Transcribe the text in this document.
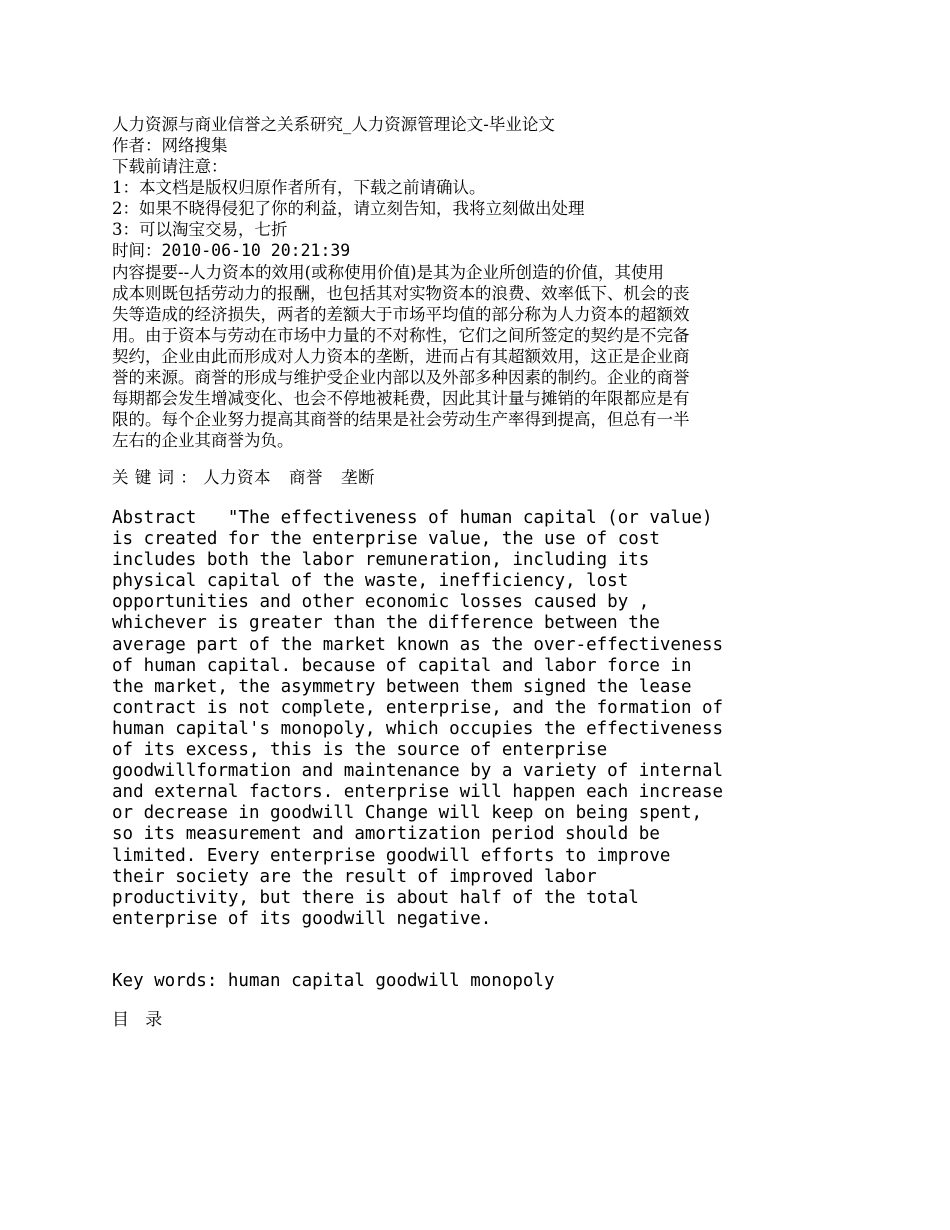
人力资源与商业信誉之关系研究_人力资源管理论文-毕业论文

作者：网络搜集

下载前请注意：

1：本文档是版权归原作者所有，下载之前请确认。

2：如果不晓得侵犯了你的利益，请立刻告知，我将立刻做出处理

3：可以淘宝交易，七折

时间：2010-06-10 20:21:39

内容提要--人力资本的效用(或称使用价值)是其为企业所创造的价值，其使用
成本则既包括劳动力的报酬，也包括其对实物资本的浪费、效率低下、机会的丧
失等造成的经济损失，两者的差额大于市场平均值的部分称为人力资本的超额效
用。由于资本与劳动在市场中力量的不对称性，它们之间所签定的契约是不完备
契约，企业由此而形成对人力资本的垄断，进而占有其超额效用，这正是企业商
誉的来源。商誉的形成与维护受企业内部以及外部多种因素的制约。企业的商誉
每期都会发生增减变化、也会不停地被耗费，因此其计量与摊销的年限都应是有
限的。每个企业努力提高其商誉的结果是社会劳动生产率得到提高，但总有一半
左右的企业其商誉为负。

关 键 词 ： 人力资本 商誉 垄断

Abstract   "The effectiveness of human capital (or value)
is created for the enterprise value, the use of cost
includes both the labor remuneration, including its
physical capital of the waste, inefficiency, lost
opportunities and other economic losses caused by ,
whichever is greater than the difference between the
average part of the market known as the over-effectiveness
of human capital. because of capital and labor force in
the market, the asymmetry between them signed the lease
contract is not complete, enterprise, and the formation of
human capital's monopoly, which occupies the effectiveness
of its excess, this is the source of enterprise
goodwillformation and maintenance by a variety of internal
and external factors. enterprise will happen each increase
or decrease in goodwill Change will keep on being spent,
so its measurement and amortization period should be
limited. Every enterprise goodwill efforts to improve
their society are the result of improved labor
productivity, but there is about half of the total
enterprise of its goodwill negative.

Key words: human capital goodwill monopoly

目   录
